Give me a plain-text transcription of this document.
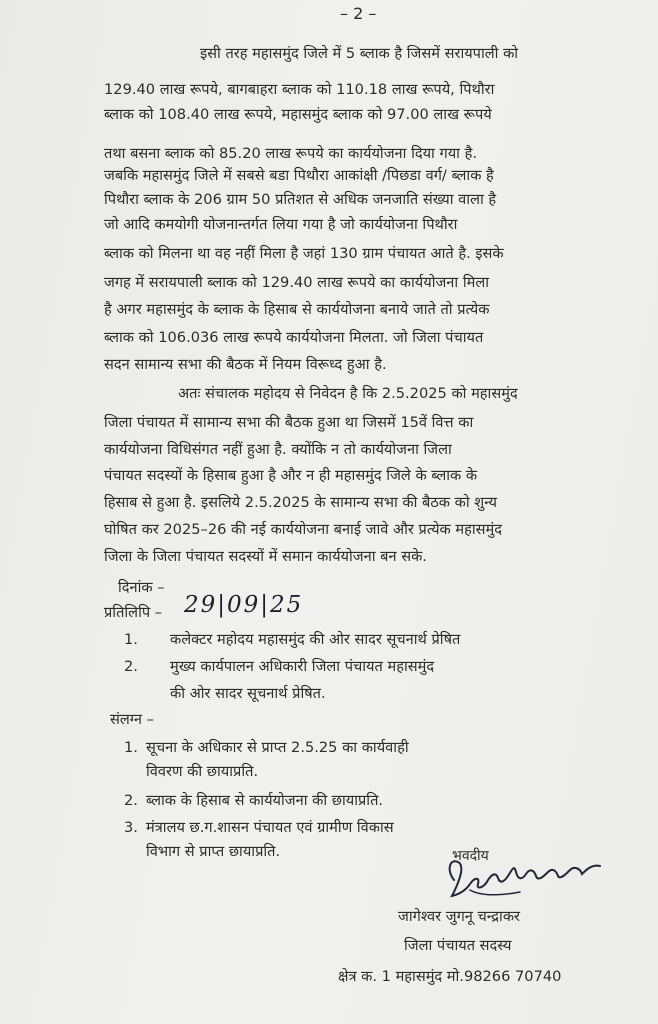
– 2 –
इसी तरह महासमुंद जिले में 5 ब्लाक है जिसमें सरायपाली को
129.40 लाख रूपये, बागबाहरा ब्लाक को 110.18 लाख रूपये, पिथौरा
ब्लाक को 108.40 लाख रूपये, महासमुंद ब्लाक को 97.00 लाख रूपये
तथा बसना ब्लाक को 85.20 लाख रूपये का कार्ययोजना दिया गया है.
जबकि महासमुंद जिले में सबसे बडा पिथौरा आकांक्षी /पिछडा वर्ग/ ब्लाक है
पिथौरा ब्लाक के 206 ग्राम 50 प्रतिशत से अधिक जनजाति संख्या वाला है
जो आदि कमयोगी योजनान्तर्गत लिया गया है जो कार्ययोजना पिथौरा
ब्लाक को मिलना था वह नहीं मिला है जहां 130 ग्राम पंचायत आते है. इसके
जगह में सरायपाली ब्लाक को 129.40 लाख रूपये का कार्ययोजना मिला
है अगर महासमुंद के ब्लाक के हिसाब से कार्ययोजना बनाये जाते तो प्रत्येक
ब्लाक को 106.036 लाख रूपये कार्ययोजना मिलता. जो जिला पंचायत
सदन सामान्य सभा की बैठक में नियम विरूध्द हुआ है.
अतः संचालक महोदय से निवेदन है कि 2.5.2025 को महासमुंद
जिला पंचायत में सामान्य सभा की बैठक हुआ था जिसमें 15वें वित्त का
कार्ययोजना विधिसंगत नहीं हुआ है. क्योंकि न तो कार्ययोजना जिला
पंचायत सदस्यों के हिसाब हुआ है और न ही महासमुंद जिले के ब्लाक के
हिसाब से हुआ है. इसलिये 2.5.2025 के सामान्य सभा की बैठक को शुन्य
घोषित कर 2025–26 की नई कार्ययोजना बनाई जावे और प्रत्येक महासमुंद
जिला के जिला पंचायत सदस्यों में समान कार्ययोजना बन सके.
दिनांक –
प्रतिलिपि – 29|09|25
1. कलेक्टर महोदय महासमुंद की ओर सादर सूचनार्थ प्रेषित
2. मुख्य कार्यपालन अधिकारी जिला पंचायत महासमुंद
की ओर सादर सूचनार्थ प्रेषित.
संलग्न –
1. सूचना के अधिकार से प्राप्त 2.5.25 का कार्यवाही
विवरण की छायाप्रति.
2. ब्लाक के हिसाब से कार्ययोजना की छायाप्रति.
3. मंत्रालय छ.ग.शासन पंचायत एवं ग्रामीण विकास
विभाग से प्राप्त छायाप्रति.	भवदीय
जागेश्वर जुगनू चन्द्राकर
जिला पंचायत सदस्य
क्षेत्र क. 1 महासमुंद मो.98266 70740
